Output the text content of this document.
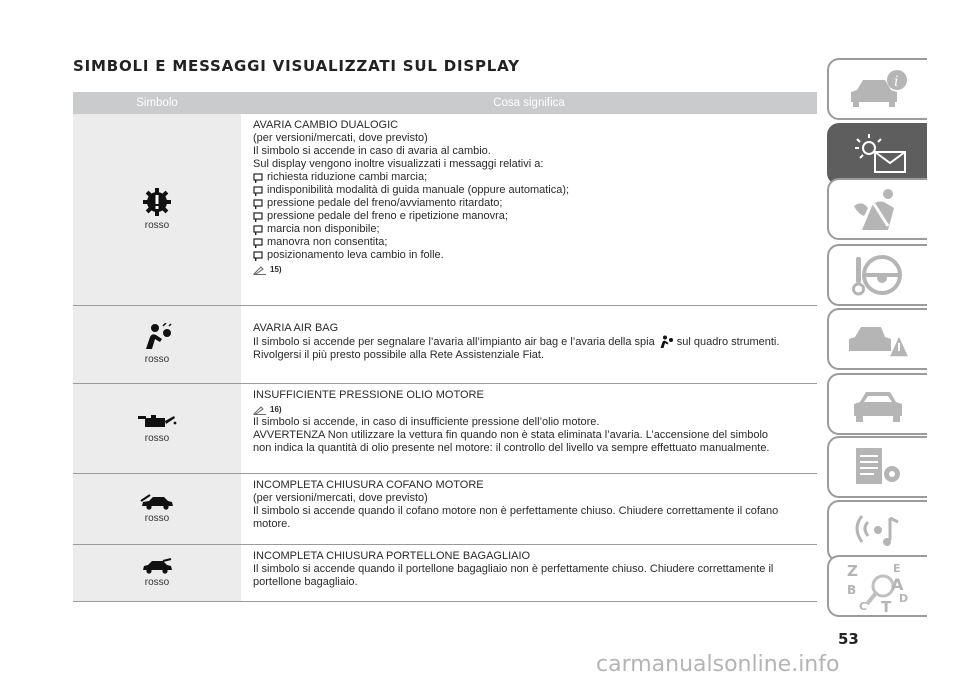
SIMBOLI E MESSAGGI VISUALIZZATI SUL DISPLAY
Simbolo	Cosa significa
rosso
AVARIA CAMBIO DUALOGIC
(per versioni/mercati, dove previsto)
Il simbolo si accende in caso di avaria al cambio.
Sul display vengono inoltre visualizzati i messaggi relativi a:
richiesta riduzione cambi marcia;
indisponibilità modalità di guida manuale (oppure automatica);
pressione pedale del freno/avviamento ritardato;
pressione pedale del freno e ripetizione manovra;
marcia non disponibile;
manovra non consentita;
posizionamento leva cambio in folle.
15)
rosso
AVARIA AIR BAG
Il simbolo si accende per segnalare l’avaria all’impianto air bag e l’avaria della spia sul quadro strumenti.
Rivolgersi il più presto possibile alla Rete Assistenziale Fiat.
rosso
INSUFFICIENTE PRESSIONE OLIO MOTORE
16)
Il simbolo si accende, in caso di insufficiente pressione dell’olio motore.
AVVERTENZA Non utilizzare la vettura fin quando non è stata eliminata l’avaria. L’accensione del simbolo
non indica la quantità di olio presente nel motore: il controllo del livello va sempre effettuato manualmente.
rosso
INCOMPLETA CHIUSURA COFANO MOTORE
(per versioni/mercati, dove previsto)
Il simbolo si accende quando il cofano motore non è perfettamente chiuso. Chiudere correttamente il cofano
motore.
rosso
INCOMPLETA CHIUSURA PORTELLONE BAGAGLIAIO
Il simbolo si accende quando il portellone bagagliaio non è perfettamente chiuso. Chiudere correttamente il
portellone bagagliaio.
i
Z	E
A
B
C T D
53
carmanualsonline.info
